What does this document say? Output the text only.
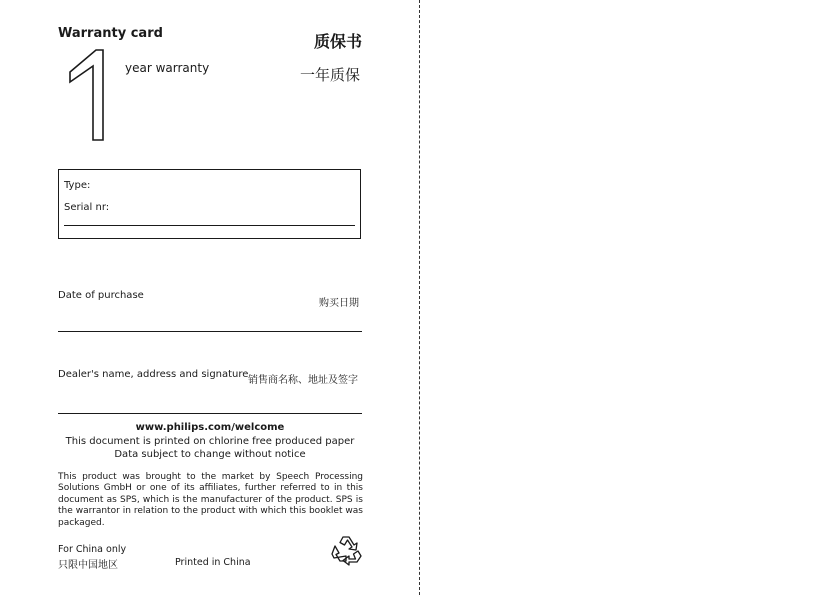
Warranty card	质保书
year warranty	一年质保
Type:
Serial nr:
Date of purchase
购买日期
Dealer's name, address and signature
销售商名称、地址及签字
www.philips.com/welcome
This document is printed on chlorine free produced paper
Data subject to change without notice
This product was brought to the market by Speech Processing Solutions GmbH or one of its affiliates, further referred to in this document as SPS, which is the manufacturer of the product. SPS is the warrantor in relation to the product with which this booklet was packaged.
For China only
只限中国地区	Printed in China
